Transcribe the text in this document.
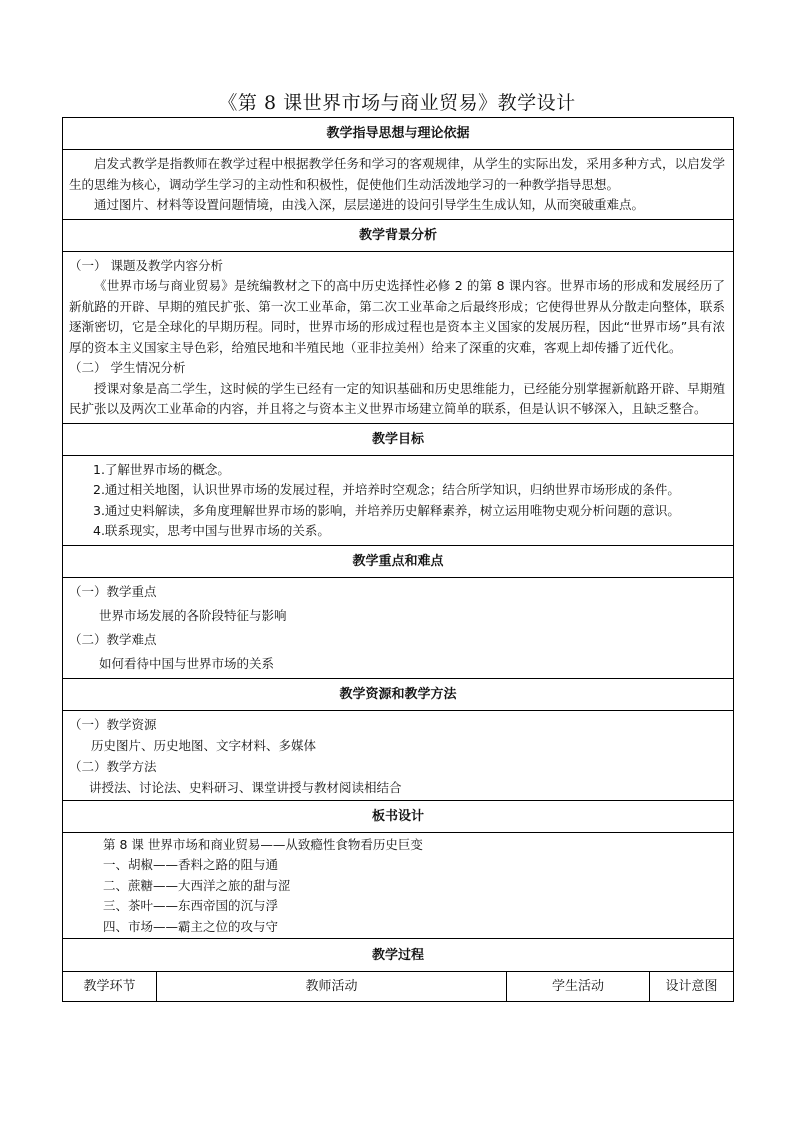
《第 8 课世界市场与商业贸易》教学设计
教学指导思想与理论依据

启发式教学是指教师在教学过程中根据教学任务和学习的客观规律，从学生的实际出发，采用多种方式，以启发学生的思维为核心，调动学生学习的主动性和积极性，促使他们生动活泼地学习的一种教学指导思想。

通过图片、材料等设置问题情境，由浅入深，层层递进的设问引导学生生成认知，从而突破重难点。

教学背景分析

（一） 课题及教学内容分析

《世界市场与商业贸易》是统编教材之下的高中历史选择性必修 2 的第 8 课内容。世界市场的形成和发展经历了新航路的开辟、早期的殖民扩张、第一次工业革命，第二次工业革命之后最终形成；它使得世界从分散走向整体，联系逐渐密切，它是全球化的早期历程。同时，世界市场的形成过程也是资本主义国家的发展历程，因此“世界市场”具有浓厚的资本主义国家主导色彩，给殖民地和半殖民地（亚非拉美州）给来了深重的灾难，客观上却传播了近代化。

（二） 学生情况分析

授课对象是高二学生，这时候的学生已经有一定的知识基础和历史思维能力，已经能分别掌握新航路开辟、早期殖民扩张以及两次工业革命的内容，并且将之与资本主义世界市场建立简单的联系，但是认识不够深入，且缺乏整合。

教学目标

1.了解世界市场的概念。

2.通过相关地图，认识世界市场的发展过程，并培养时空观念；结合所学知识，归纳世界市场形成的条件。

3.通过史料解读，多角度理解世界市场的影响，并培养历史解释素养，树立运用唯物史观分析问题的意识。

4.联系现实，思考中国与世界市场的关系。

教学重点和难点

（一）教学重点

世界市场发展的各阶段特征与影响

（二）教学难点

如何看待中国与世界市场的关系

教学资源和教学方法

（一）教学资源

历史图片、历史地图、文字材料、多媒体

（二）教学方法

讲授法、讨论法、史料研习、课堂讲授与教材阅读相结合

板书设计

第 8 课 世界市场和商业贸易——从致瘾性食物看历史巨变

一、胡椒——香料之路的阻与通

二、蔗糖——大西洋之旅的甜与涩

三、茶叶——东西帝国的沉与浮

四、市场——霸主之位的攻与守

教学过程
教学环节	教师活动	学生活动	设计意图
